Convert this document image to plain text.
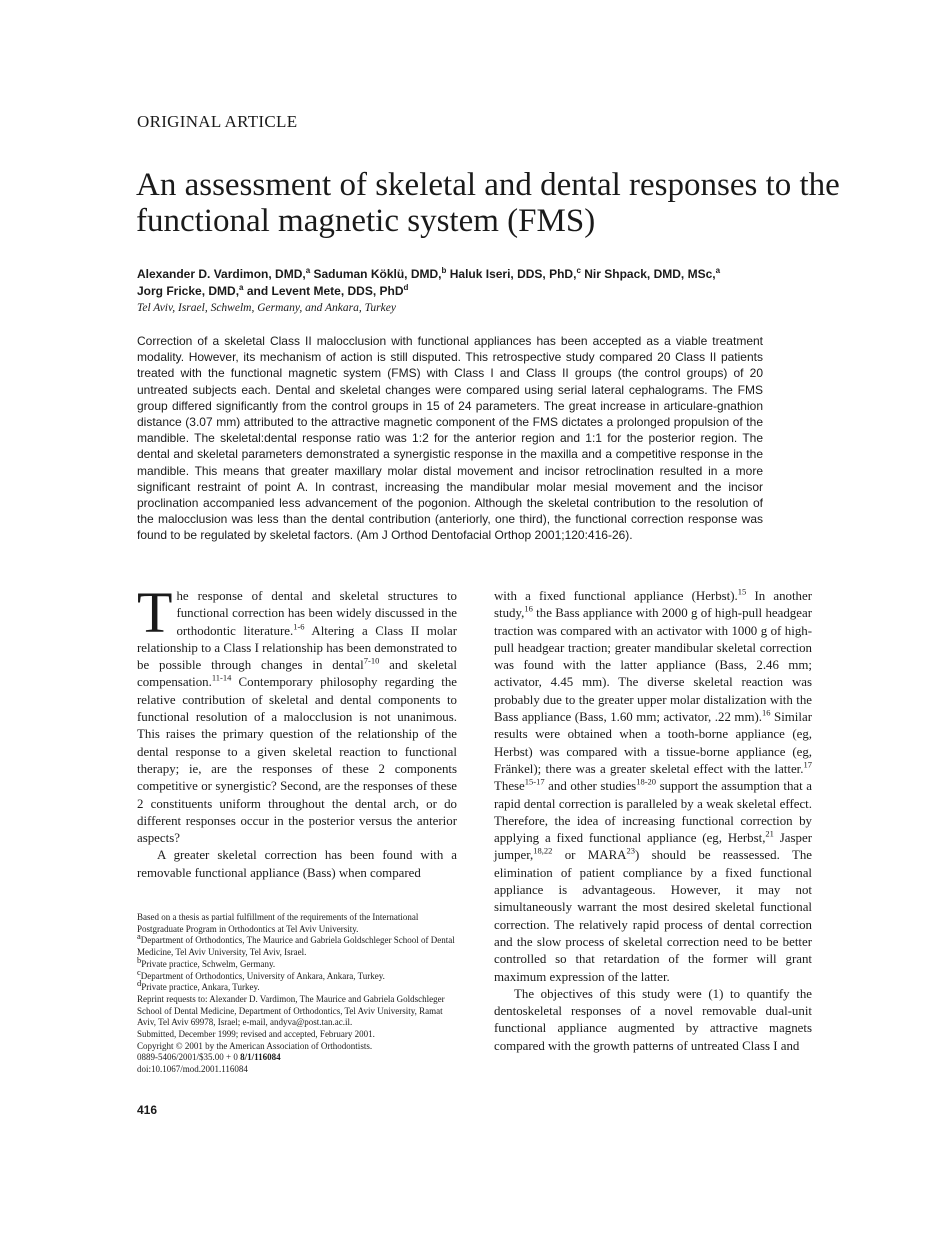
ORIGINAL ARTICLE
An assessment of skeletal and dental responses to the functional magnetic system (FMS)
Alexander D. Vardimon, DMD,$^a$ Saduman Köklü, DMD,$^b$ Haluk Iseri, DDS, PhD,$^c$ Nir Shpack, DMD, MSc,$^a$
Jorg Fricke, DMD,$^a$ and Levent Mete, DDS, PhD$^d$
Tel Aviv, Israel, Schwelm, Germany, and Ankara, Turkey
Correction of a skeletal Class II malocclusion with functional appliances has been accepted as a viable treatment modality. However, its mechanism of action is still disputed. This retrospective study compared 20 Class II patients treated with the functional magnetic system (FMS) with Class I and Class II groups (the control groups) of 20 untreated subjects each. Dental and skeletal changes were compared using serial lateral cephalograms. The FMS group differed significantly from the control groups in 15 of 24 parameters. The great increase in articulare-gnathion distance (3.07 mm) attributed to the attractive magnetic component of the FMS dictates a prolonged propulsion of the mandible. The skeletal:dental response ratio was 1:2 for the anterior region and 1:1 for the posterior region. The dental and skeletal parameters demonstrated a synergistic response in the maxilla and a competitive response in the mandible. This means that greater maxillary molar distal movement and incisor retroclination resulted in a more significant restraint of point A. In contrast, increasing the mandibular molar mesial movement and the incisor proclination accompanied less advancement of the pogonion. Although the skeletal contribution to the resolution of the malocclusion was less than the dental contribution (anteriorly, one third), the functional correction response was found to be regulated by skeletal factors. (Am J Orthod Dentofacial Orthop 2001;120:416-26).

The response of dental and skeletal structures to functional correction has been widely discussed in the orthodontic literature.$^{1-6}$ Altering a Class II molar relationship to a Class I relationship has been demonstrated to be possible through changes in dental$^{7-10}$ and skeletal compensation.$^{11-14}$ Contemporary philosophy regarding the relative contribution of skeletal and dental components to functional resolution of a malocclusion is not unanimous. This raises the primary question of the relationship of the dental response to a given skeletal reaction to functional therapy; ie, are the responses of these 2 components competitive or synergistic? Second, are the responses of these 2 constituents uniform throughout the dental arch, or do different responses occur in the posterior versus the anterior aspects?

A greater skeletal correction has been found with a removable functional appliance (Bass) when compared

with a fixed functional appliance (Herbst).$^{15}$ In another study,$^{16}$ the Bass appliance with 2000 g of high-pull headgear traction was compared with an activator with 1000 g of high-pull headgear traction; greater mandibular skeletal correction was found with the latter appliance (Bass, 2.46 mm; activator, 4.45 mm). The diverse skeletal reaction was probably due to the greater upper molar distalization with the Bass appliance (Bass, 1.60 mm; activator, .22 mm).$^{16}$ Similar results were obtained when a tooth-borne appliance (eg, Herbst) was compared with a tissue-borne appliance (eg, Fränkel); there was a greater skeletal effect with the latter.$^{17}$ These$^{15-17}$ and other studies$^{18-20}$ support the assumption that a rapid dental correction is paralleled by a weak skeletal effect. Therefore, the idea of increasing functional correction by applying a fixed functional appliance (eg, Herbst,$^{21}$ Jasper jumper,$^{18,22}$ or MARA$^{23}$) should be reassessed. The elimination of patient compliance by a fixed functional appliance is advantageous. However, it may not simultaneously warrant the most desired skeletal functional correction. The relatively rapid process of dental correction and the slow process of skeletal correction need to be better controlled so that retardation of the former will grant maximum expression of the latter.

The objectives of this study were (1) to quantify the dentoskeletal responses of a novel removable dual-unit functional appliance augmented by attractive magnets compared with the growth patterns of untreated Class I and

Based on a thesis as partial fulfillment of the requirements of the International Postgraduate Program in Orthodontics at Tel Aviv University.
$^a$Department of Orthodontics, The Maurice and Gabriela Goldschleger School of Dental Medicine, Tel Aviv University, Tel Aviv, Israel.
$^b$Private practice, Schwelm, Germany.
$^c$Department of Orthodontics, University of Ankara, Ankara, Turkey.
$^d$Private practice, Ankara, Turkey.
Reprint requests to: Alexander D. Vardimon, The Maurice and Gabriela Goldschleger School of Dental Medicine, Department of Orthodontics, Tel Aviv University, Ramat Aviv, Tel Aviv 69978, Israel; e-mail, andyva@post.tan.ac.il.
Submitted, December 1999; revised and accepted, February 2001.
Copyright © 2001 by the American Association of Orthodontists.
0889-5406/2001/$35.00 + 0 8/1/116084
doi:10.1067/mod.2001.116084
416
